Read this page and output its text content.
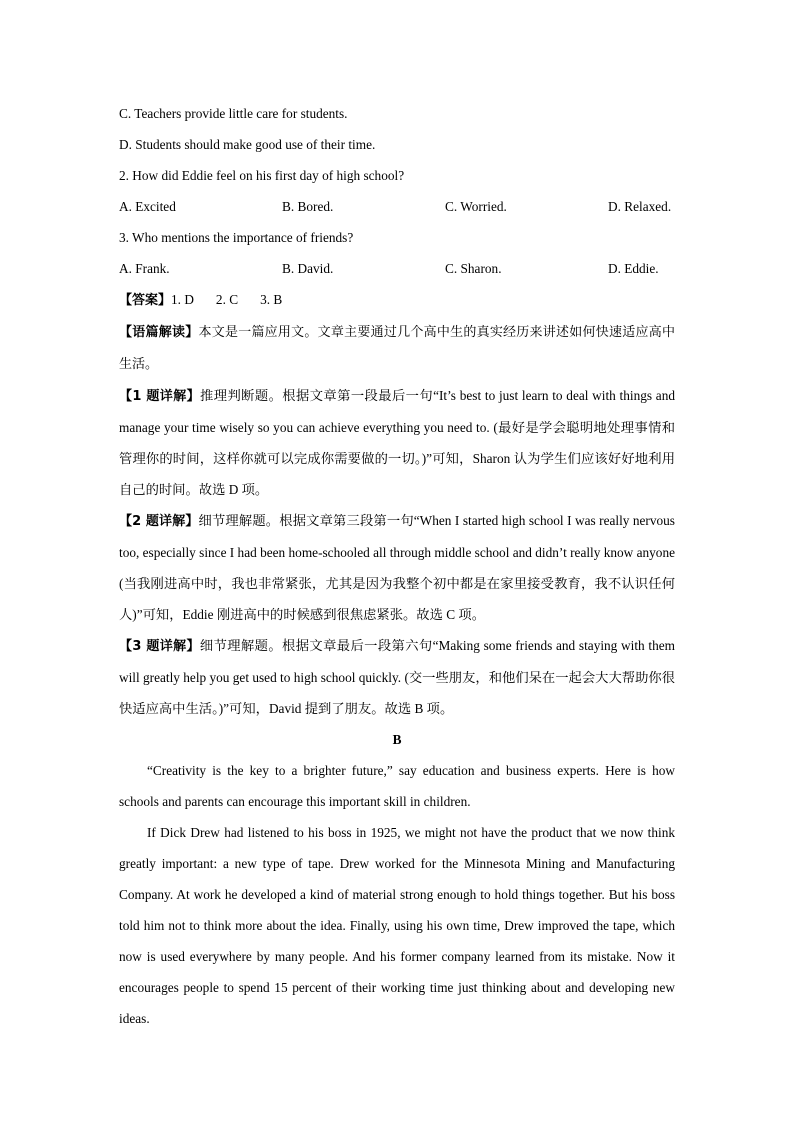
C. Teachers provide little care for students.
D. Students should make good use of their time.
2. How did Eddie feel on his first day of high school?
A. Excited	B. Bored.	C. Worried.	D. Relaxed.
3. Who mentions the importance of friends?
A. Frank.	B. David.	C. Sharon.	D. Eddie.
【答案】1. D 2. C 3. B

【语篇解读】本文是一篇应用文。文章主要通过几个高中生的真实经历来讲述如何快速适应高中生活。

【1 题详解】推理判断题。根据文章第一段最后一句“It’s best to just learn to deal with things and manage your time wisely so you can achieve everything you need to. (最好是学会聪明地处理事情和管理你的时间，这样你就可以完成你需要做的一切。)”可知，Sharon 认为学生们应该好好地利用自己的时间。故选 D 项。

【2 题详解】细节理解题。根据文章第三段第一句“When I started high school I was really nervous too, especially since I had been home-schooled all through middle school and didn’t really know anyone (当我刚进高中时，我也非常紧张，尤其是因为我整个初中都是在家里接受教育，我不认识任何人)”可知，Eddie 刚进高中的时候感到很焦虑紧张。故选 C 项。

【3 题详解】细节理解题。根据文章最后一段第六句“Making some friends and staying with them will greatly help you get used to high school quickly. (交一些朋友，和他们呆在一起会大大帮助你很快适应高中生活。)”可知，David 提到了朋友。故选 B 项。

B

“Creativity is the key to a brighter future,” say education and business experts. Here is how schools and parents can encourage this important skill in children.

If Dick Drew had listened to his boss in 1925, we might not have the product that we now think greatly important: a new type of tape. Drew worked for the Minnesota Mining and Manufacturing Company. At work he developed a kind of material strong enough to hold things together. But his boss told him not to think more about the idea. Finally, using his own time, Drew improved the tape, which now is used everywhere by many people. And his former company learned from its mistake. Now it encourages people to spend 15 percent of their working time just thinking about and developing new ideas.
